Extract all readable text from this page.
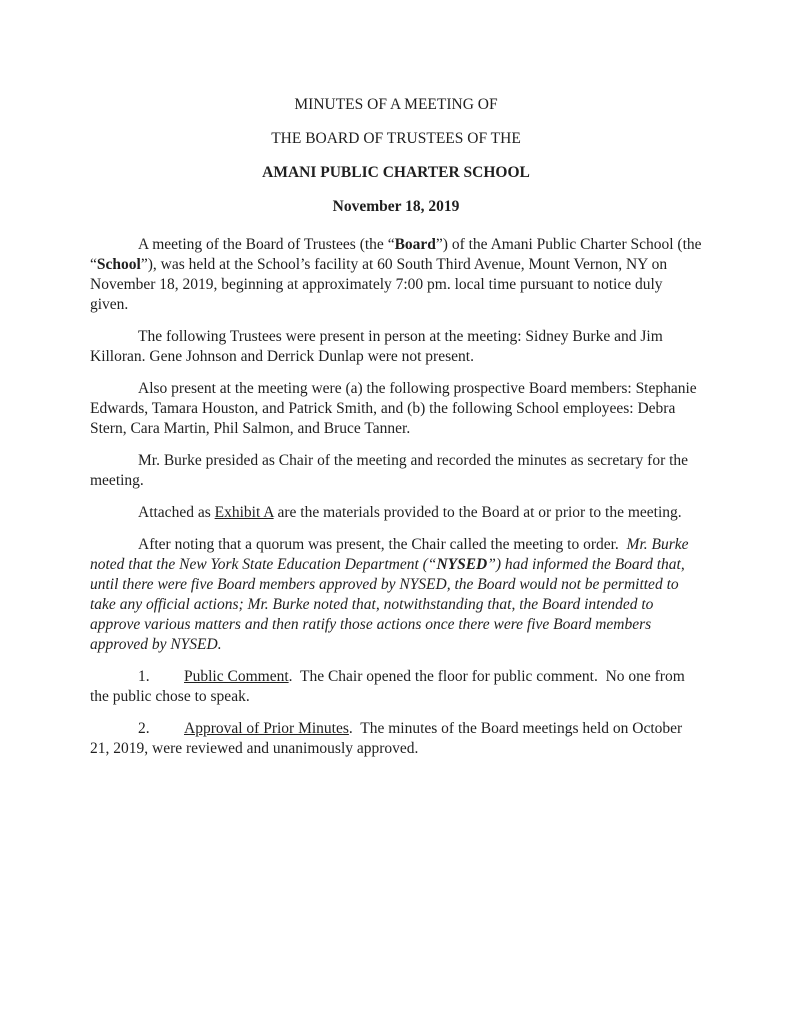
MINUTES OF A MEETING OF

THE BOARD OF TRUSTEES OF THE

AMANI PUBLIC CHARTER SCHOOL

November 18, 2019

A meeting of the Board of Trustees (the “Board”) of the Amani Public Charter School (the “School”), was held at the School’s facility at 60 South Third Avenue, Mount Vernon, NY on November 18, 2019, beginning at approximately 7:00 pm. local time pursuant to notice duly given.

The following Trustees were present in person at the meeting: Sidney Burke and Jim Killoran. Gene Johnson and Derrick Dunlap were not present.

Also present at the meeting were (a) the following prospective Board members: Stephanie Edwards, Tamara Houston, and Patrick Smith, and (b) the following School employees: Debra Stern, Cara Martin, Phil Salmon, and Bruce Tanner.

Mr. Burke presided as Chair of the meeting and recorded the minutes as secretary for the meeting.

Attached as Exhibit A are the materials provided to the Board at or prior to the meeting.

After noting that a quorum was present, the Chair called the meeting to order.  Mr. Burke noted that the New York State Education Department (“NYSED”) had informed the Board that, until there were five Board members approved by NYSED, the Board would not be permitted to take any official actions; Mr. Burke noted that, notwithstanding that, the Board intended to approve various matters and then ratify those actions once there were five Board members approved by NYSED.

1. Public Comment.  The Chair opened the floor for public comment.  No one from the public chose to speak.

2. Approval of Prior Minutes.  The minutes of the Board meetings held on October 21, 2019, were reviewed and unanimously approved.
